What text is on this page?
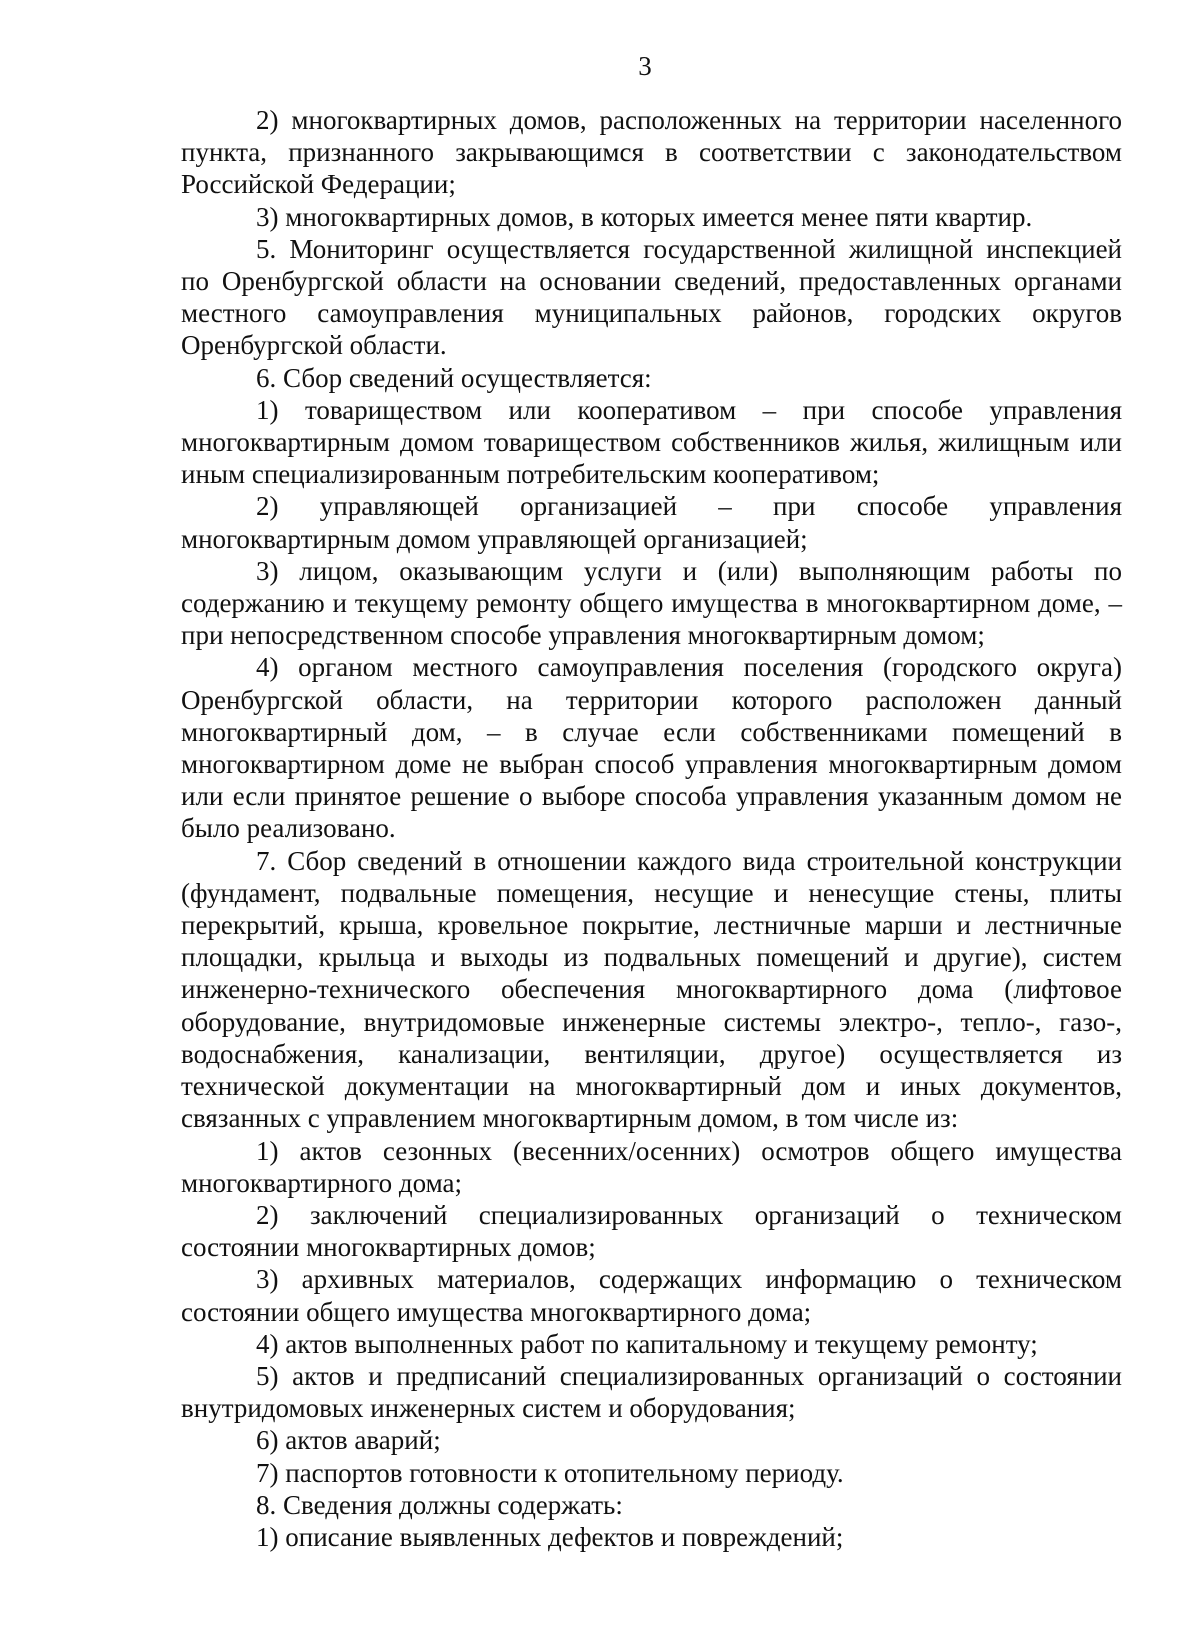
3

2) многоквартирных домов, расположенных на территории населенного пункта, признанного закрывающимся в соответствии с законодательством Российской Федерации;

3) многоквартирных домов, в которых имеется менее пяти квартир.

5. Мониторинг осуществляется государственной жилищной инспекцией по Оренбургской области на основании сведений, предоставленных органами местного самоуправления муниципальных районов, городских округов Оренбургской области.

6. Сбор сведений осуществляется:

1) товариществом или кооперативом – при способе управления многоквартирным домом товариществом собственников жилья, жилищным или иным специализированным потребительским кооперативом;

2) управляющей организацией – при способе управления многоквартирным домом управляющей организацией;

3) лицом, оказывающим услуги и (или) выполняющим работы по содержанию и текущему ремонту общего имущества в многоквартирном доме, – при непосредственном способе управления многоквартирным домом;

4) органом местного самоуправления поселения (городского округа) Оренбургской области, на территории которого расположен данный многоквартирный дом, – в случае если собственниками помещений в многоквартирном доме не выбран способ управления многоквартирным домом или если принятое решение о выборе способа управления указанным домом не было реализовано.

7. Сбор сведений в отношении каждого вида строительной конструкции (фундамент, подвальные помещения, несущие и ненесущие стены, плиты перекрытий, крыша, кровельное покрытие, лестничные марши и лестничные площадки, крыльца и выходы из подвальных помещений и другие), систем инженерно-технического обеспечения многоквартирного дома (лифтовое оборудование, внутридомовые инженерные системы электро-, тепло-, газо-, водоснабжения, канализации, вентиляции, другое) осуществляется из технической документации на многоквартирный дом и иных документов, связанных с управлением многоквартирным домом, в том числе из:

1) актов сезонных (весенних/осенних) осмотров общего имущества многоквартирного дома;

2) заключений специализированных организаций о техническом состоянии многоквартирных домов;

3) архивных материалов, содержащих информацию о техническом состоянии общего имущества многоквартирного дома;

4) актов выполненных работ по капитальному и текущему ремонту;

5) актов и предписаний специализированных организаций о состоянии внутридомовых инженерных систем и оборудования;

6) актов аварий;

7) паспортов готовности к отопительному периоду.

8. Сведения должны содержать:

1) описание выявленных дефектов и повреждений;
